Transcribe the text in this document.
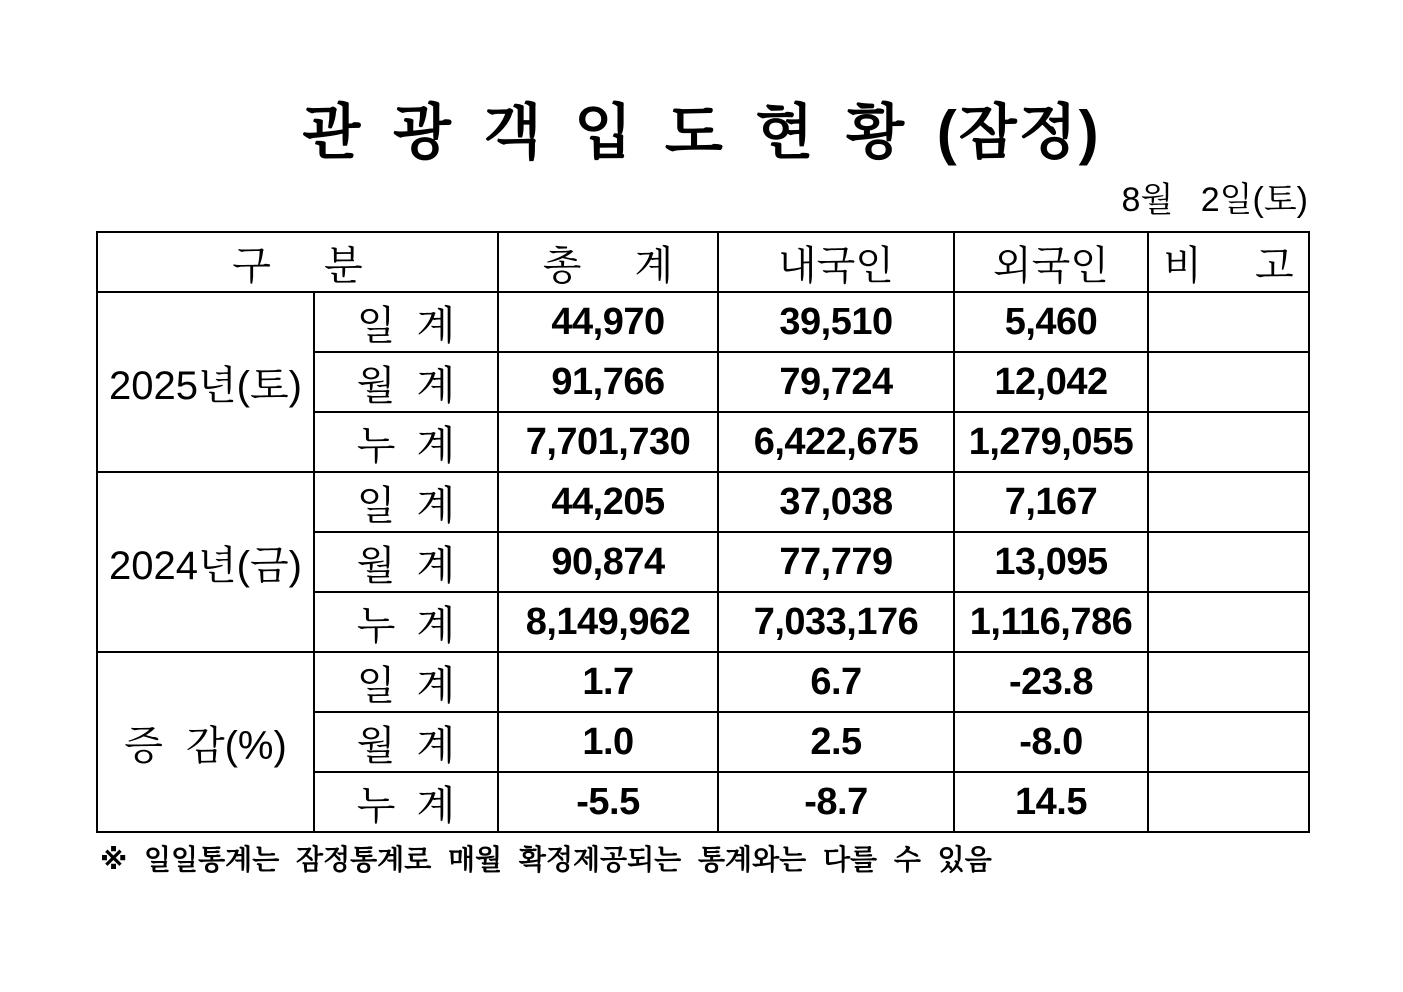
관 광 객 입 도 현 황 (잠정)
8월 2일(토)
구 분		총 계	내국인	외국인	비 고
2025년(토)	일 계	44,970	39,510	5,460	
	월 계	91,766	79,724	12,042	
	누 계	7,701,730	6,422,675	1,279,055	
2024년(금)	일 계	44,205	37,038	7,167	
	월 계	90,874	77,779	13,095	
	누 계	8,149,962	7,033,176	1,116,786	
증 감(%)	일 계	1.7	6.7	-23.8	
	월 계	1.0	2.5	-8.0	
	누 계	-5.5	-8.7	14.5	
※ 일일통계는 잠정통계로 매월 확정제공되는 통계와는 다를 수 있음
